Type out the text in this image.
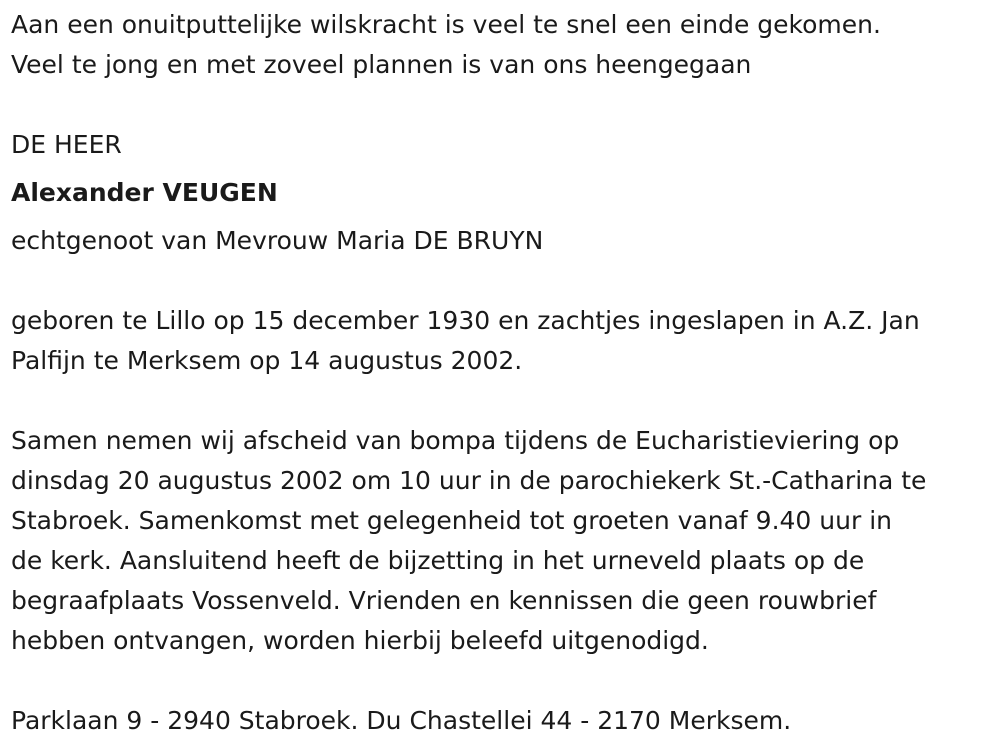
Aan een onuitputtelijke wilskracht is veel te snel een einde gekomen.
Veel te jong en met zoveel plannen is van ons heengegaan
DE HEER
Alexander VEUGEN
echtgenoot van Mevrouw Maria DE BRUYN
geboren te Lillo op 15 december 1930 en zachtjes ingeslapen in A.Z. Jan
Palfijn te Merksem op 14 augustus 2002.
Samen nemen wij afscheid van bompa tijdens de Eucharistieviering op
dinsdag 20 augustus 2002 om 10 uur in de parochiekerk St.-Catharina te
Stabroek. Samenkomst met gelegenheid tot groeten vanaf 9.40 uur in
de kerk. Aansluitend heeft de bijzetting in het urneveld plaats op de
begraafplaats Vossenveld. Vrienden en kennissen die geen rouwbrief
hebben ontvangen, worden hierbij beleefd uitgenodigd.
Parklaan 9 - 2940 Stabroek. Du Chastellei 44 - 2170 Merksem.
